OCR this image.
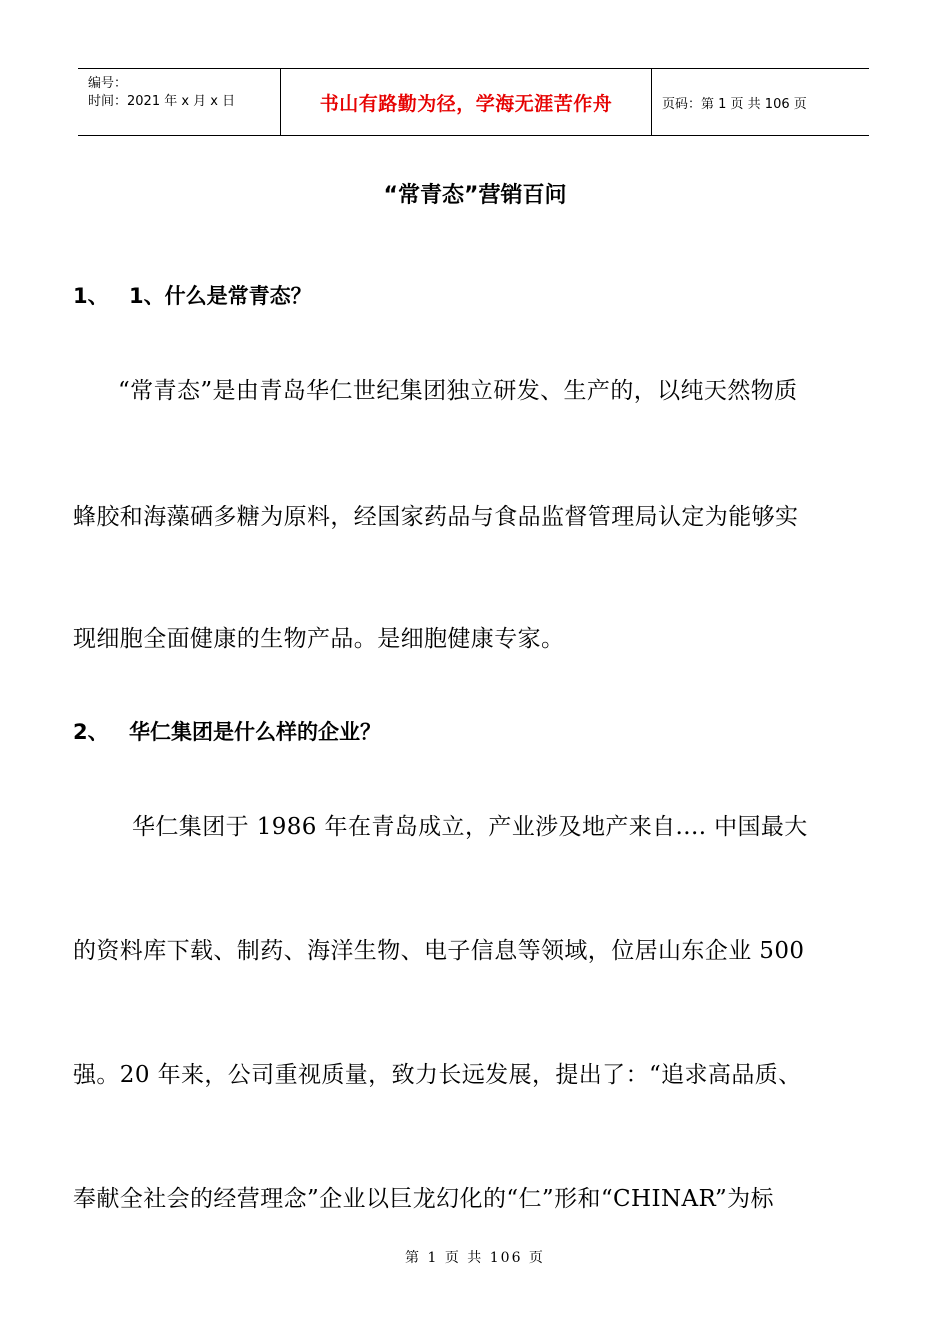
编号：
时间：2021 年 x 月 x 日	书山有路勤为径，学海无涯苦作舟	页码：第 1 页 共 106 页
“常青态”营销百问
1、 1、什么是常青态？
“常青态”是由青岛华仁世纪集团独立研发、生产的，以纯天然物质
蜂胶和海藻硒多糖为原料，经国家药品与食品监督管理局认定为能够实
现细胞全面健康的生物产品。是细胞健康专家。
2、 华仁集团是什么样的企业？
华仁集团于 1986 年在青岛成立，产业涉及地产来自.... 中国最大
的资料库下载、制药、海洋生物、电子信息等领域，位居山东企业 500
强。20 年来，公司重视质量，致力长远发展，提出了：“追求高品质、
奉献全社会的经营理念”企业以巨龙幻化的“仁”形和“CHINAR”为标
第 1 页 共 106 页
